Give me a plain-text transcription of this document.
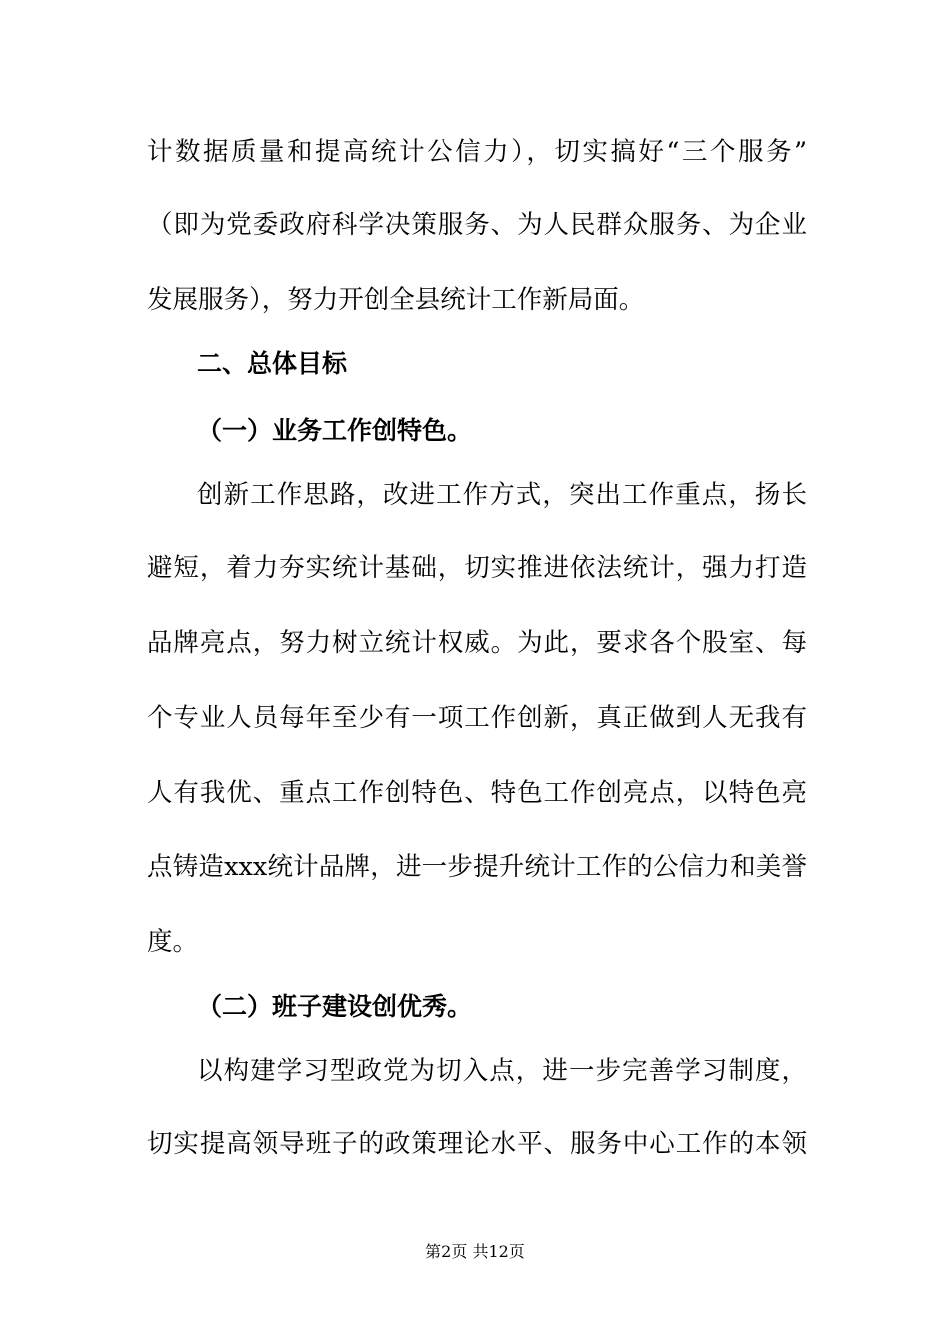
计数据质量和提高统计公信力），切实搞好“三个服务”
（即为党委政府科学决策服务、为人民群众服务、为企业
发展服务），努力开创全县统计工作新局面。
二、总体目标
（一）业务工作创特色。
创新工作思路，改进工作方式，突出工作重点，扬长
避短，着力夯实统计基础，切实推进依法统计，强力打造
品牌亮点，努力树立统计权威。为此，要求各个股室、每
个专业人员每年至少有一项工作创新，真正做到人无我有
人有我优、重点工作创特色、特色工作创亮点，以特色亮
点铸造xxx统计品牌，进一步提升统计工作的公信力和美誉
度。
（二）班子建设创优秀。
以构建学习型政党为切入点，进一步完善学习制度，
切实提高领导班子的政策理论水平、服务中心工作的本领
第2页 共12页
